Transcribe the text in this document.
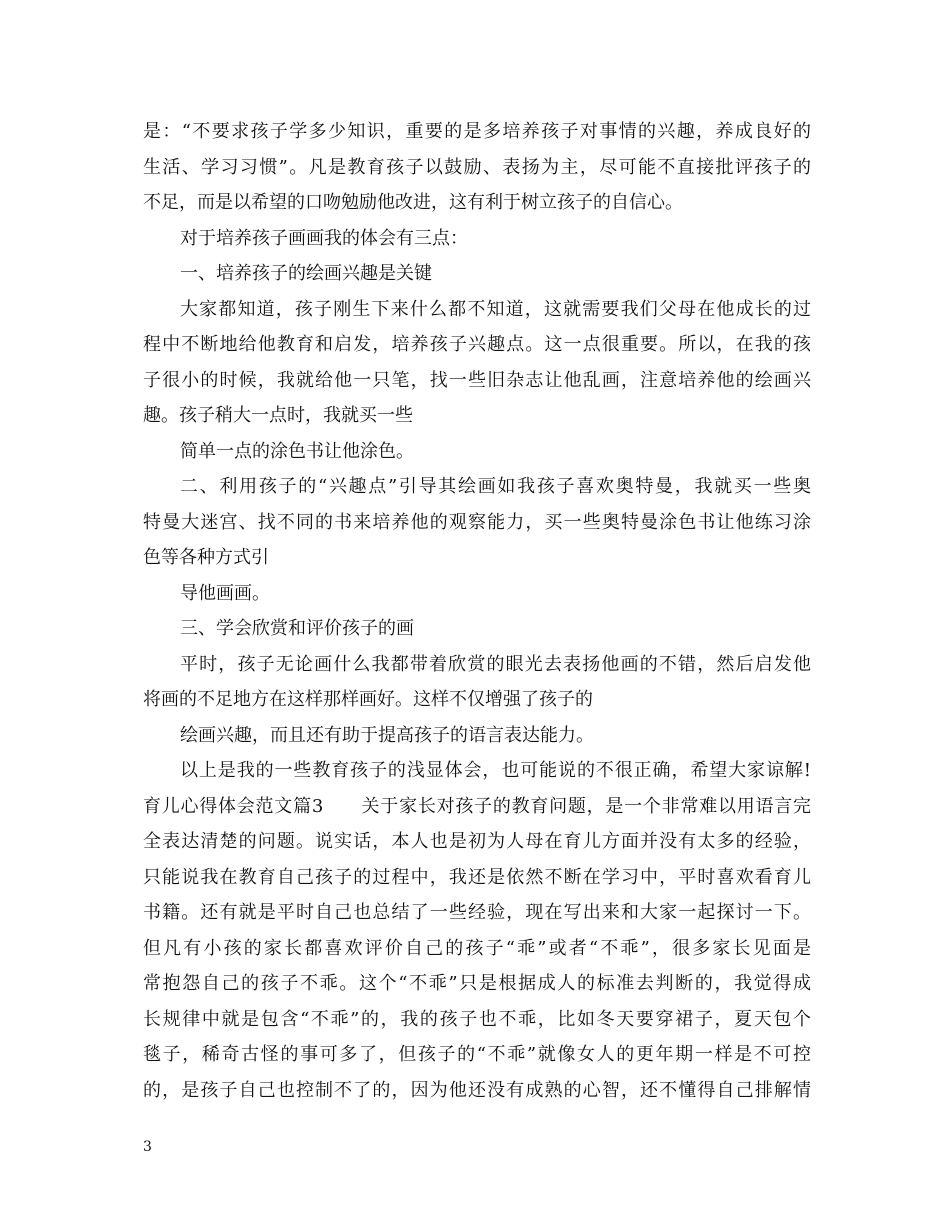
是：“不要求孩子学多少知识，重要的是多培养孩子对事情的兴趣，养成良好的
生活、学习习惯”。凡是教育孩子以鼓励、表扬为主，尽可能不直接批评孩子的
不足，而是以希望的口吻勉励他改进，这有利于树立孩子的自信心。
对于培养孩子画画我的体会有三点：
一、培养孩子的绘画兴趣是关键
大家都知道，孩子刚生下来什么都不知道，这就需要我们父母在他成长的过
程中不断地给他教育和启发，培养孩子兴趣点。这一点很重要。所以，在我的孩
子很小的时候，我就给他一只笔，找一些旧杂志让他乱画，注意培养他的绘画兴
趣。孩子稍大一点时，我就买一些
简单一点的涂色书让他涂色。
二、利用孩子的“兴趣点”引导其绘画如我孩子喜欢奥特曼，我就买一些奥
特曼大迷宫、找不同的书来培养他的观察能力，买一些奥特曼涂色书让他练习涂
色等各种方式引
导他画画。
三、学会欣赏和评价孩子的画
平时，孩子无论画什么我都带着欣赏的眼光去表扬他画的不错，然后启发他
将画的不足地方在这样那样画好。这样不仅增强了孩子的
绘画兴趣，而且还有助于提高孩子的语言表达能力。
以上是我的一些教育孩子的浅显体会，也可能说的不很正确，希望大家谅解!
育儿心得体会范文篇3　　关于家长对孩子的教育问题，是一个非常难以用语言完
全表达清楚的问题。说实话，本人也是初为人母在育儿方面并没有太多的经验，
只能说我在教育自己孩子的过程中，我还是依然不断在学习中，平时喜欢看育儿
书籍。还有就是平时自己也总结了一些经验，现在写出来和大家一起探讨一下。
但凡有小孩的家长都喜欢评价自己的孩子“乖”或者“不乖”，很多家长见面是
常抱怨自己的孩子不乖。这个“不乖”只是根据成人的标准去判断的，我觉得成
长规律中就是包含“不乖”的，我的孩子也不乖，比如冬天要穿裙子，夏天包个
毯子，稀奇古怪的事可多了，但孩子的“不乖”就像女人的更年期一样是不可控
的，是孩子自己也控制不了的，因为他还没有成熟的心智，还不懂得自己排解情
3
